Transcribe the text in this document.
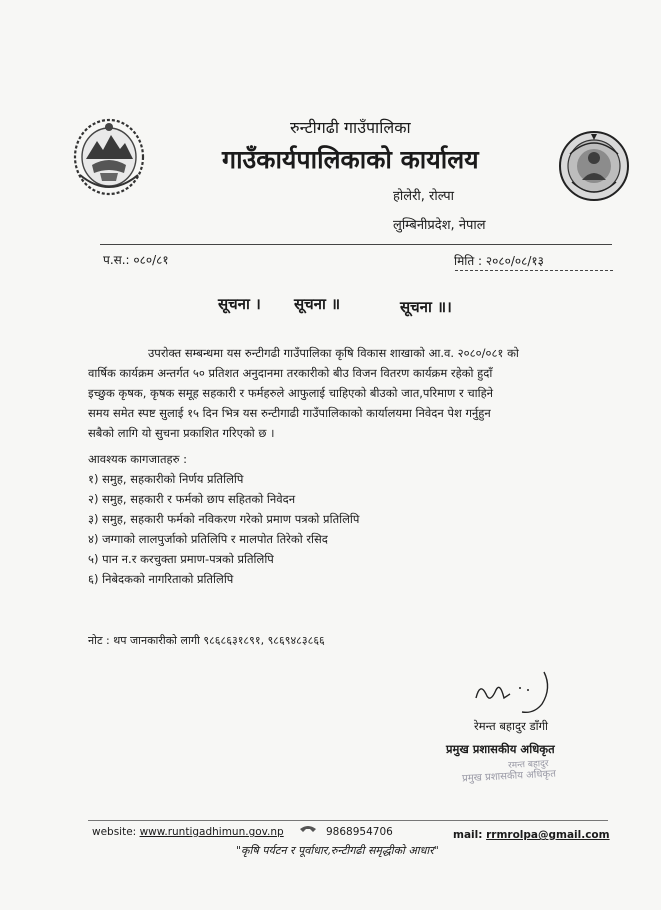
रुन्टीगढी गाउँपालिका
गाउँकार्यपालिकाको कार्यालय
होलेरी, रोल्पा
लुम्बिनीप्रदेश, नेपाल
प.स.: ०८०/८१	मिति : २०८०/०८/१३
सूचना । सूचना ॥	सूचना ॥।
उपरोक्त सम्बन्धमा यस रुन्टीगढी गाउँपालिका कृषि विकास शाखाको आ.व. २०८०/०८१ को
वार्षिक कार्यक्रम अन्तर्गत ५० प्रतिशत अनुदानमा तरकारीको बीउ विजन वितरण कार्यक्रम रहेको हुदाँ
इच्छुक कृषक, कृषक समूह सहकारी र फर्महरुले आफुलाई चाहिएको बीउको जात,परिमाण र चाहिने
समय समेत स्पष्ट सुलाई १५ दिन भित्र यस रुन्टीगाढी गाउँपालिकाको कार्यालयमा निवेदन पेश गर्नुहुन
सबैको लागि यो सुचना प्रकाशित गरिएको छ ।
आवश्यक कागजातहरु :
१) समुह, सहकारीको निर्णय प्रतिलिपि
२) समुह, सहकारी र फर्मको छाप सहितको निवेदन
३) समुह, सहकारी फर्मको नविकरण गरेको प्रमाण पत्रको प्रतिलिपि
४) जग्गाको लालपुर्जाको प्रतिलिपि र मालपोत तिरेको रसिद
५) पान न.र करचुक्ता प्रमाण-पत्रको प्रतिलिपि
६) निबेदकको नागरिताको प्रतिलिपि
नोट : थप जानकारीको लागी ९८६८६३१८९१, ९८६९४८३८६६
रेमन्त बहादुर डाँगी
प्रमुख प्रशासकीय अधिकृत
रमन्त बहादुर
प्रमुख प्रशासकीय अधिकृत
website: www.runtigadhimun.gov.np	9868954706	mail: rrmrolpa@gmail.com
"कृषि पर्यटन र पूर्वाधार,रुन्टीगढी समृद्धीको आधार"
